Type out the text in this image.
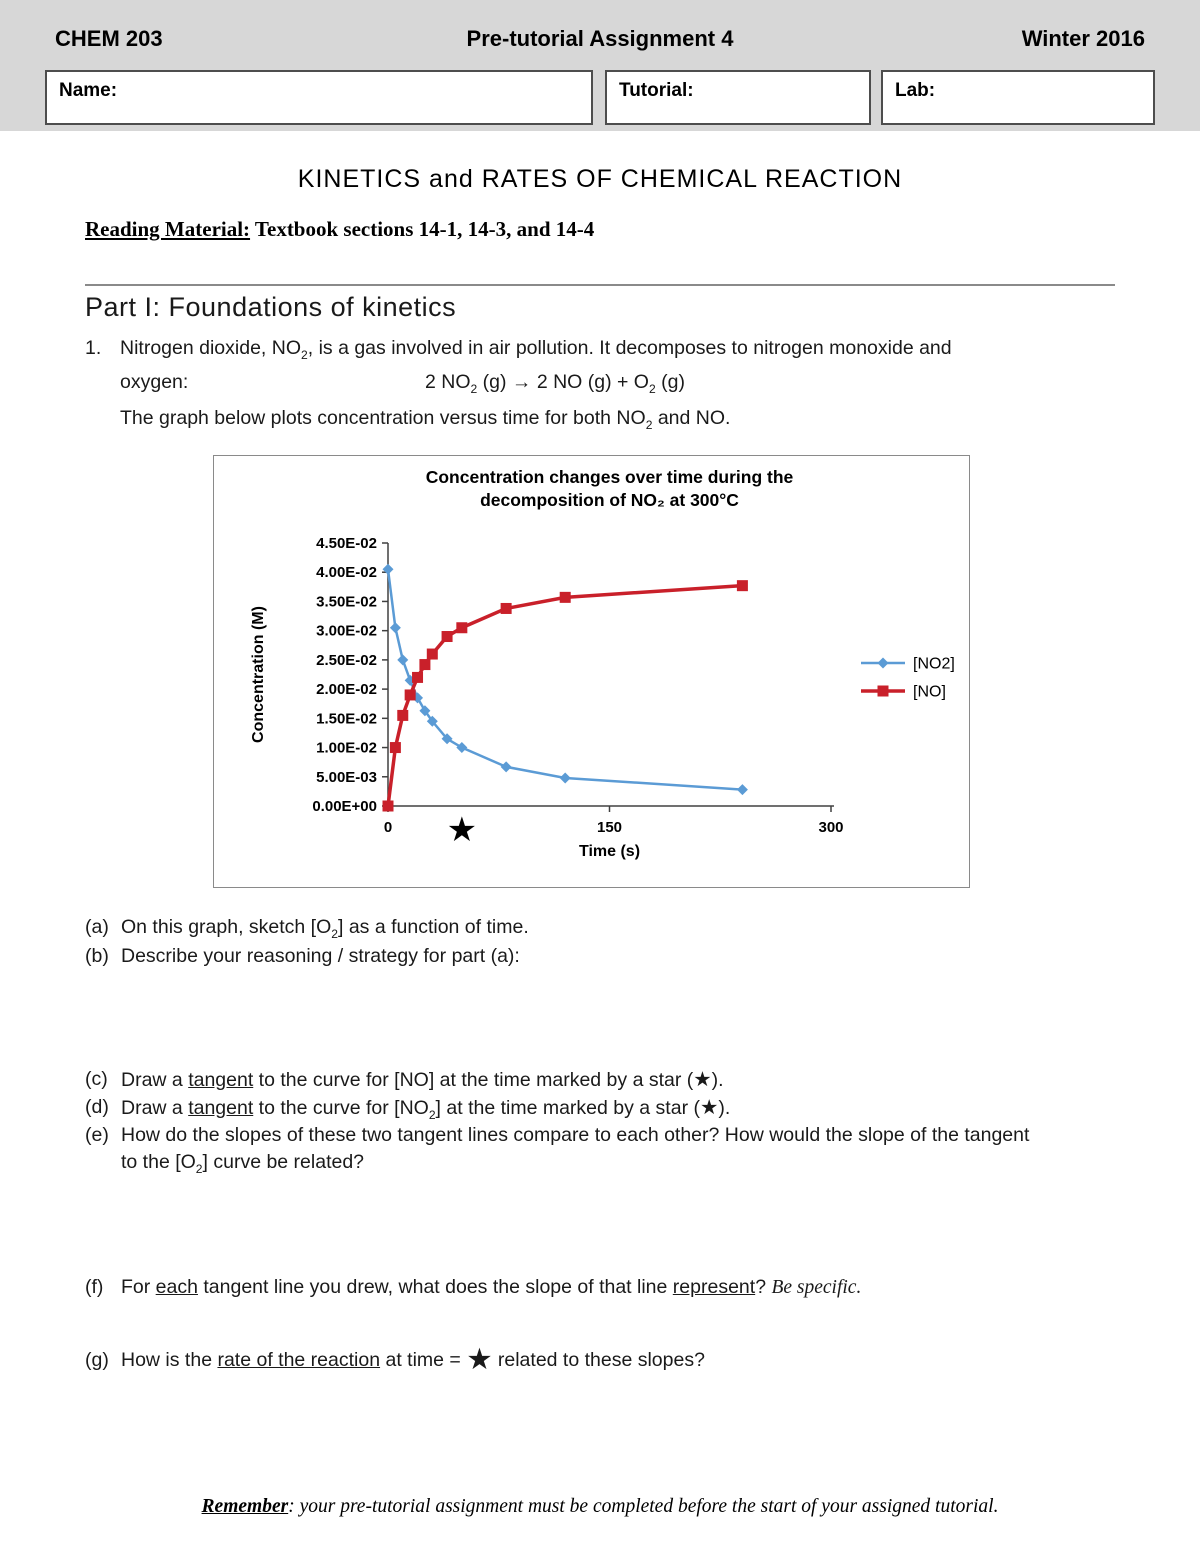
CHEM 203	Pre-tutorial Assignment 4	Winter 2016
Name:	Tutorial:	Lab:
KINETICS and RATES OF CHEMICAL REACTION
Reading Material: Textbook sections 14-1, 14-3, and 14-4
Part I: Foundations of kinetics
1. Nitrogen dioxide, $NO_2$, is a gas involved in air pollution. It decomposes to nitrogen monoxide and
oxygen:	2 $NO_2$ (g) → 2 NO $(g) + O_2$ (g)
The graph below plots concentration versus time for both $NO_2$ and NO.
Concentration changes over time during the
decomposition of NO₂ at 300°C
0.00E+00
5.00E-03
1.00E-02
1.50E-02
2.00E-02
2.50E-02
3.00E-02
3.50E-02
4.00E-02
4.50E-02
0	150	300
Time (s)
Concentration (M)
★
[NO2]
[NO]
(a) On this graph, sketch $[O_2]$ as a function of time.
(b) Describe your reasoning / strategy for part (a):
(c) Draw a tangent to the curve for [NO] at the time marked by a star (★).
(d) Draw a tangent to the curve for $[NO_2]$ at the time marked by a star (★).
(e) How do the slopes of these two tangent lines compare to each other? How would the slope of the tangent to the $[O_2]$ curve be related?
(f) For each tangent line you drew, what does the slope of that line represent? Be specific.
(g) How is the rate of the reaction at time = ★ related to these slopes?
Remember: your pre-tutorial assignment must be completed before the start of your assigned tutorial.
